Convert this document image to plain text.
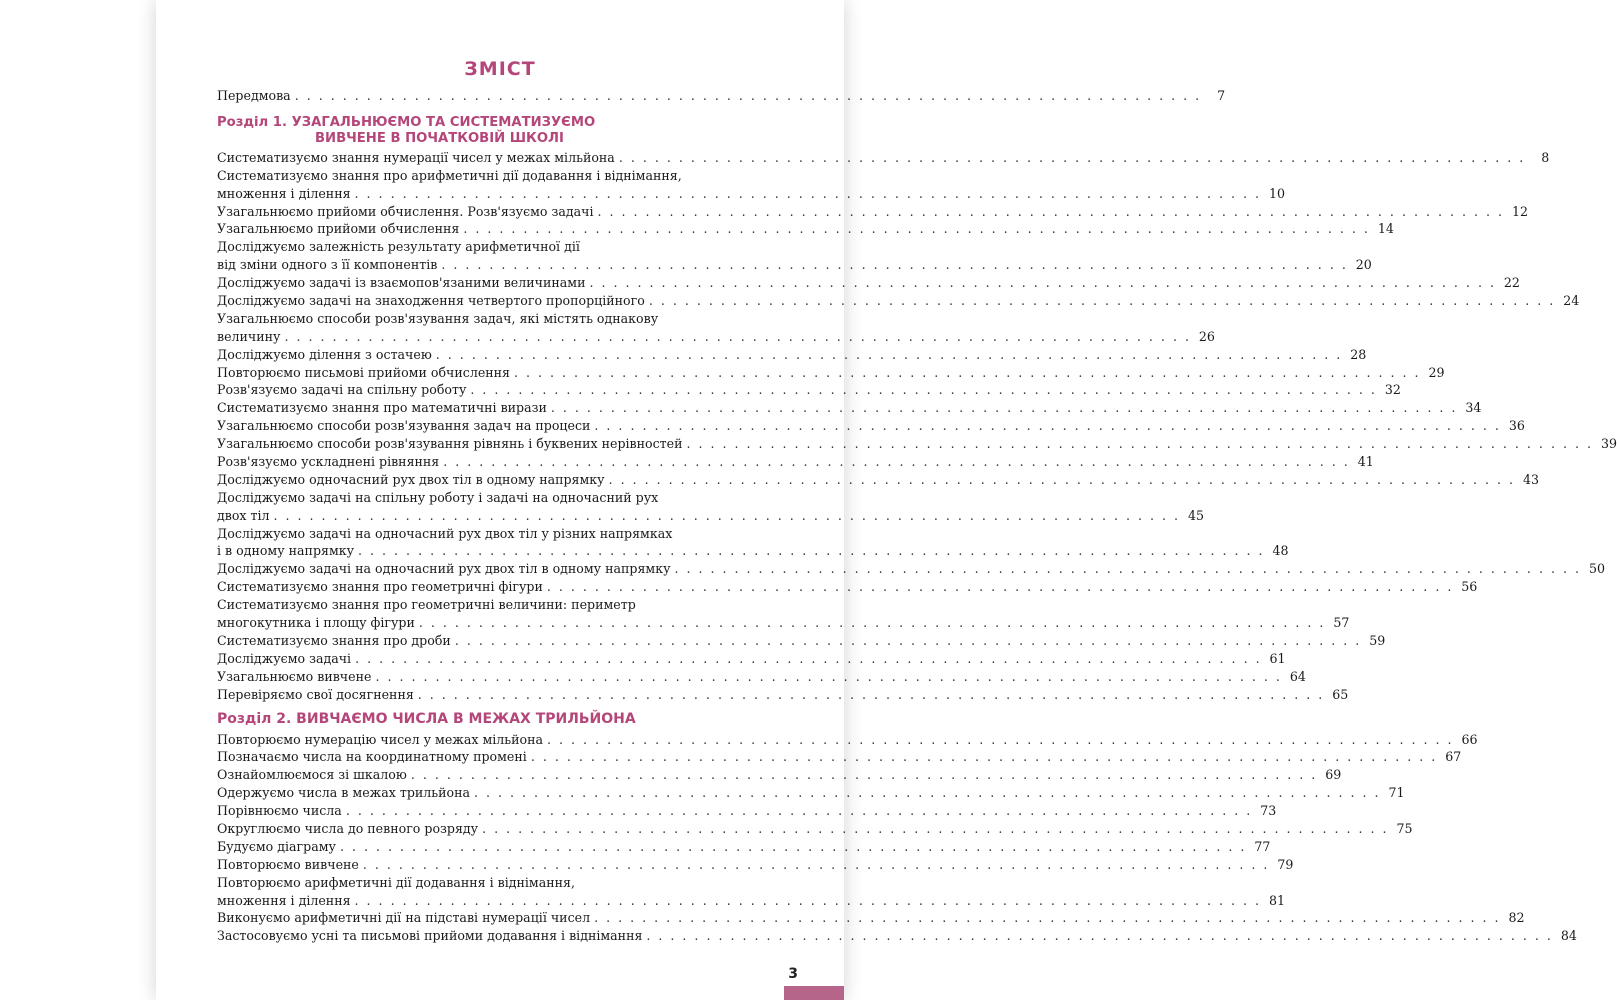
ЗМІСТ
Передмова . . . . . . . . . . . . . . . . . . . . . . . . . . . . . . . . . . . . . . . . . . . . . . . . . . . . . . . . . . . . . . . . . . . . . . . . . . . .	7
Розділ 1. УЗАГАЛЬНЮЄМО ТА СИСТЕМАТИЗУЄМО
ВИВЧЕНЕ В ПОЧАТКОВІЙ ШКОЛІ
Систематизуємо знання нумерації чисел у межах мільйона . . . . . . . . . . . . . . . . . . . . . . . . . . . . . . . . . . . . . . . . . . . . . . . . . . . . . . . . . . . . . . . . . . . . . . . . . . . .	8
Систематизуємо знання про арифметичні дії додавання і віднімання,
множення і ділення . . . . . . . . . . . . . . . . . . . . . . . . . . . . . . . . . . . . . . . . . . . . . . . . . . . . . . . . . . . . . . . . . . . . . . . . . . . . 10
Узагальнюємо прийоми обчислення. Розв'язуємо задачі . . . . . . . . . . . . . . . . . . . . . . . . . . . . . . . . . . . . . . . . . . . . . . . . . . . . . . . . . . . . . . . . . . . . . . . . . . . . 12
Узагальнюємо прийоми обчислення . . . . . . . . . . . . . . . . . . . . . . . . . . . . . . . . . . . . . . . . . . . . . . . . . . . . . . . . . . . . . . . . . . . . . . . . . . . . 14
Досліджуємо залежність результату арифметичної дії
від зміни одного з її компонентів . . . . . . . . . . . . . . . . . . . . . . . . . . . . . . . . . . . . . . . . . . . . . . . . . . . . . . . . . . . . . . . . . . . . . . . . . . . . 20
Досліджуємо задачі із взаємопов'язаними величинами . . . . . . . . . . . . . . . . . . . . . . . . . . . . . . . . . . . . . . . . . . . . . . . . . . . . . . . . . . . . . . . . . . . . . . . . . . . . 22
Досліджуємо задачі на знаходження четвертого пропорційного . . . . . . . . . . . . . . . . . . . . . . . . . . . . . . . . . . . . . . . . . . . . . . . . . . . . . . . . . . . . . . . . . . . . . . . . . . . . 24
Узагальнюємо способи розв'язування задач, які містять однакову
величину . . . . . . . . . . . . . . . . . . . . . . . . . . . . . . . . . . . . . . . . . . . . . . . . . . . . . . . . . . . . . . . . . . . . . . . . . . . . 26
Досліджуємо ділення з остачею . . . . . . . . . . . . . . . . . . . . . . . . . . . . . . . . . . . . . . . . . . . . . . . . . . . . . . . . . . . . . . . . . . . . . . . . . . . . 28
Повторюємо письмові прийоми обчислення . . . . . . . . . . . . . . . . . . . . . . . . . . . . . . . . . . . . . . . . . . . . . . . . . . . . . . . . . . . . . . . . . . . . . . . . . . . . 29
Розв'язуємо задачі на спільну роботу . . . . . . . . . . . . . . . . . . . . . . . . . . . . . . . . . . . . . . . . . . . . . . . . . . . . . . . . . . . . . . . . . . . . . . . . . . . . 32
Систематизуємо знання про математичні вирази . . . . . . . . . . . . . . . . . . . . . . . . . . . . . . . . . . . . . . . . . . . . . . . . . . . . . . . . . . . . . . . . . . . . . . . . . . . . 34
Узагальнюємо способи розв'язування задач на процеси . . . . . . . . . . . . . . . . . . . . . . . . . . . . . . . . . . . . . . . . . . . . . . . . . . . . . . . . . . . . . . . . . . . . . . . . . . . . 36
Узагальнюємо способи розв'язування рівнянь і буквених нерівностей . . . . . . . . . . . . . . . . . . . . . . . . . . . . . . . . . . . . . . . . . . . . . . . . . . . . . . . . . . . . . . . . . . . . . . . . . . . . 39
Розв'язуємо ускладнені рівняння . . . . . . . . . . . . . . . . . . . . . . . . . . . . . . . . . . . . . . . . . . . . . . . . . . . . . . . . . . . . . . . . . . . . . . . . . . . . 41
Досліджуємо одночасний рух двох тіл в одному напрямку . . . . . . . . . . . . . . . . . . . . . . . . . . . . . . . . . . . . . . . . . . . . . . . . . . . . . . . . . . . . . . . . . . . . . . . . . . . . 43
Досліджуємо задачі на спільну роботу і задачі на одночасний рух
двох тіл . . . . . . . . . . . . . . . . . . . . . . . . . . . . . . . . . . . . . . . . . . . . . . . . . . . . . . . . . . . . . . . . . . . . . . . . . . . . 45
Досліджуємо задачі на одночасний рух двох тіл у різних напрямках
і в одному напрямку . . . . . . . . . . . . . . . . . . . . . . . . . . . . . . . . . . . . . . . . . . . . . . . . . . . . . . . . . . . . . . . . . . . . . . . . . . . . 48
Досліджуємо задачі на одночасний рух двох тіл в одному напрямку . . . . . . . . . . . . . . . . . . . . . . . . . . . . . . . . . . . . . . . . . . . . . . . . . . . . . . . . . . . . . . . . . . . . . . . . . . . . 50
Систематизуємо знання про геометричні фігури . . . . . . . . . . . . . . . . . . . . . . . . . . . . . . . . . . . . . . . . . . . . . . . . . . . . . . . . . . . . . . . . . . . . . . . . . . . . 56
Систематизуємо знання про геометричні величини: периметр
многокутника і площу фігури . . . . . . . . . . . . . . . . . . . . . . . . . . . . . . . . . . . . . . . . . . . . . . . . . . . . . . . . . . . . . . . . . . . . . . . . . . . . 57
Систематизуємо знання про дроби . . . . . . . . . . . . . . . . . . . . . . . . . . . . . . . . . . . . . . . . . . . . . . . . . . . . . . . . . . . . . . . . . . . . . . . . . . . . 59
Досліджуємо задачі . . . . . . . . . . . . . . . . . . . . . . . . . . . . . . . . . . . . . . . . . . . . . . . . . . . . . . . . . . . . . . . . . . . . . . . . . . . . 61
Узагальнюємо вивчене . . . . . . . . . . . . . . . . . . . . . . . . . . . . . . . . . . . . . . . . . . . . . . . . . . . . . . . . . . . . . . . . . . . . . . . . . . . . 64
Перевіряємо свої досягнення . . . . . . . . . . . . . . . . . . . . . . . . . . . . . . . . . . . . . . . . . . . . . . . . . . . . . . . . . . . . . . . . . . . . . . . . . . . . 65
Розділ 2. ВИВЧАЄМО ЧИСЛА В МЕЖАХ ТРИЛЬЙОНА
Повторюємо нумерацію чисел у межах мільйона . . . . . . . . . . . . . . . . . . . . . . . . . . . . . . . . . . . . . . . . . . . . . . . . . . . . . . . . . . . . . . . . . . . . . . . . . . . . 66
Позначаємо числа на координатному промені . . . . . . . . . . . . . . . . . . . . . . . . . . . . . . . . . . . . . . . . . . . . . . . . . . . . . . . . . . . . . . . . . . . . . . . . . . . . 67
Ознайомлюємося зі шкалою . . . . . . . . . . . . . . . . . . . . . . . . . . . . . . . . . . . . . . . . . . . . . . . . . . . . . . . . . . . . . . . . . . . . . . . . . . . . 69
Одержуємо числа в межах трильйона . . . . . . . . . . . . . . . . . . . . . . . . . . . . . . . . . . . . . . . . . . . . . . . . . . . . . . . . . . . . . . . . . . . . . . . . . . . . 71
Порівнюємо числа . . . . . . . . . . . . . . . . . . . . . . . . . . . . . . . . . . . . . . . . . . . . . . . . . . . . . . . . . . . . . . . . . . . . . . . . . . . . 73
Округлюємо числа до певного розряду . . . . . . . . . . . . . . . . . . . . . . . . . . . . . . . . . . . . . . . . . . . . . . . . . . . . . . . . . . . . . . . . . . . . . . . . . . . . 75
Будуємо діаграму . . . . . . . . . . . . . . . . . . . . . . . . . . . . . . . . . . . . . . . . . . . . . . . . . . . . . . . . . . . . . . . . . . . . . . . . . . . . 77
Повторюємо вивчене . . . . . . . . . . . . . . . . . . . . . . . . . . . . . . . . . . . . . . . . . . . . . . . . . . . . . . . . . . . . . . . . . . . . . . . . . . . . 79
Повторюємо арифметичні дії додавання і віднімання,
множення і ділення . . . . . . . . . . . . . . . . . . . . . . . . . . . . . . . . . . . . . . . . . . . . . . . . . . . . . . . . . . . . . . . . . . . . . . . . . . . . 81
Виконуємо арифметичні дії на підставі нумерації чисел . . . . . . . . . . . . . . . . . . . . . . . . . . . . . . . . . . . . . . . . . . . . . . . . . . . . . . . . . . . . . . . . . . . . . . . . . . . . 82
Застосовуємо усні та письмові прийоми додавання і віднімання . . . . . . . . . . . . . . . . . . . . . . . . . . . . . . . . . . . . . . . . . . . . . . . . . . . . . . . . . . . . . . . . . . . . . . . . . . . . 84
3
